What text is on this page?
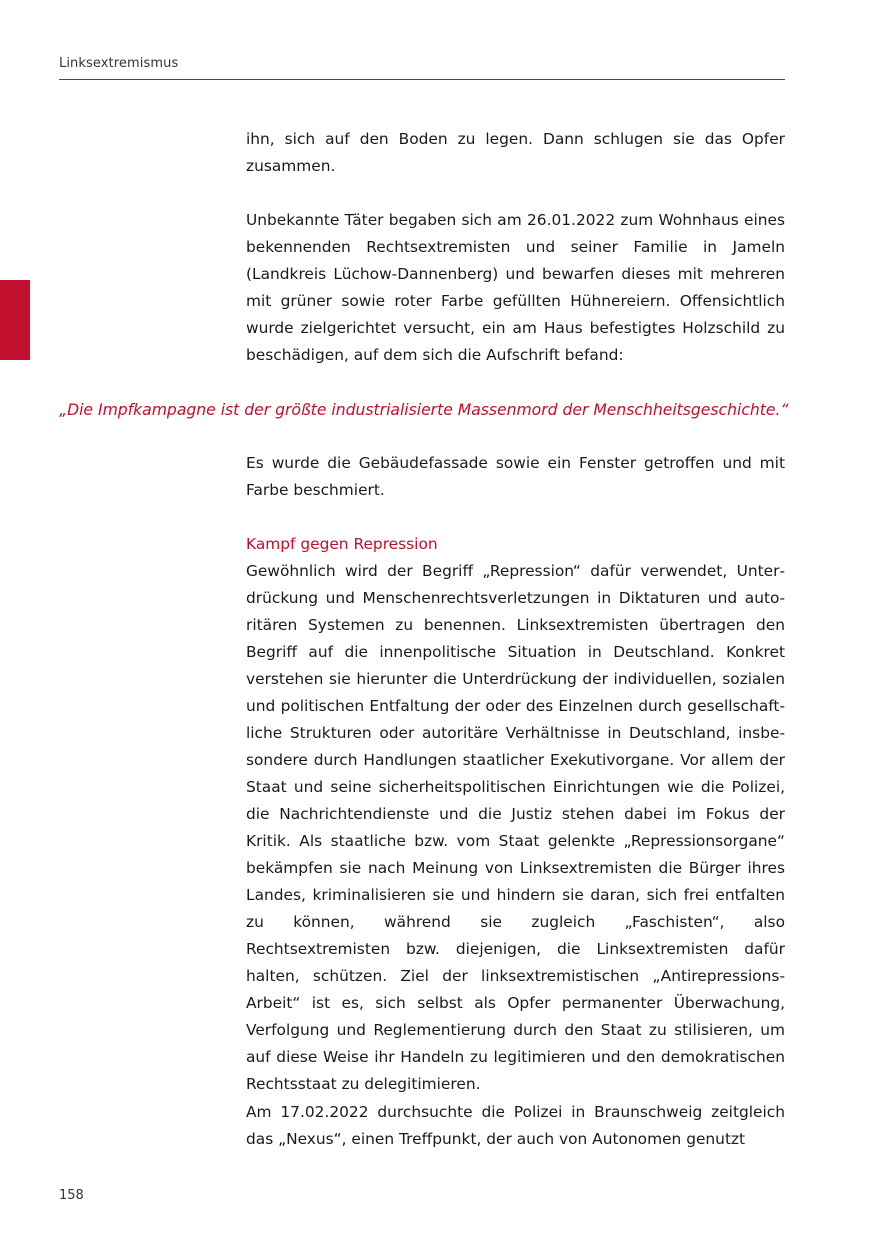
Linksextremismus

ihn, sich auf den Boden zu legen. Dann schlugen sie das Opfer zusammen.

Unbekannte Täter begaben sich am 26.01.2022 zum Wohnhaus eines bekennenden Rechtsextremisten und seiner Familie in Jameln (Landkreis Lüchow-Dannenberg) und bewarfen dieses mit mehreren mit grüner sowie roter Farbe gefüllten Hühnereiern. Offensichtlich wurde zielgerichtet versucht, ein am Haus befestigtes Holzschild zu beschädigen, auf dem sich die Aufschrift befand:

„Die Impfkampagne ist der größte industrialisierte Massenmord der Menschheitsgeschichte.“

Es wurde die Gebäudefassade sowie ein Fenster getroffen und mit Farbe beschmiert.

Kampf gegen Repression

Gewöhnlich wird der Begriff „Repression“ dafür verwendet, Unterdrückung und Menschenrechtsverletzungen in Diktaturen und autoritären Systemen zu benennen. Linksextremisten übertragen den Begriff auf die innenpolitische Situation in Deutschland. Konkret verstehen sie hierunter die Unterdrückung der individuellen, sozialen und politischen Entfaltung der oder des Einzelnen durch gesellschaftliche Strukturen oder autoritäre Verhältnisse in Deutschland, insbesondere durch Handlungen staatlicher Exekutivorgane. Vor allem der Staat und seine sicherheitspolitischen Einrichtungen wie die Polizei, die Nachrichtendienste und die Justiz stehen dabei im Fokus der Kritik. Als staatliche bzw. vom Staat gelenkte „Repressionsorgane“ bekämpfen sie nach Meinung von Linksextremisten die Bürger ihres Landes, kriminalisieren sie und hindern sie daran, sich frei entfalten zu können, während sie zugleich „Faschisten“, also Rechtsextremisten bzw. diejenigen, die Linksextremisten dafür halten, schützen. Ziel der linksextremistischen „Antirepressions-Arbeit“ ist es, sich selbst als Opfer permanenter Überwachung, Verfolgung und Reglementierung durch den Staat zu stilisieren, um auf diese Weise ihr Handeln zu legitimieren und den demokratischen Rechtsstaat zu delegitimieren.

Am 17.02.2022 durchsuchte die Polizei in Braunschweig zeitgleich das „Nexus“, einen Treffpunkt, der auch von Autonomen genutzt

158
